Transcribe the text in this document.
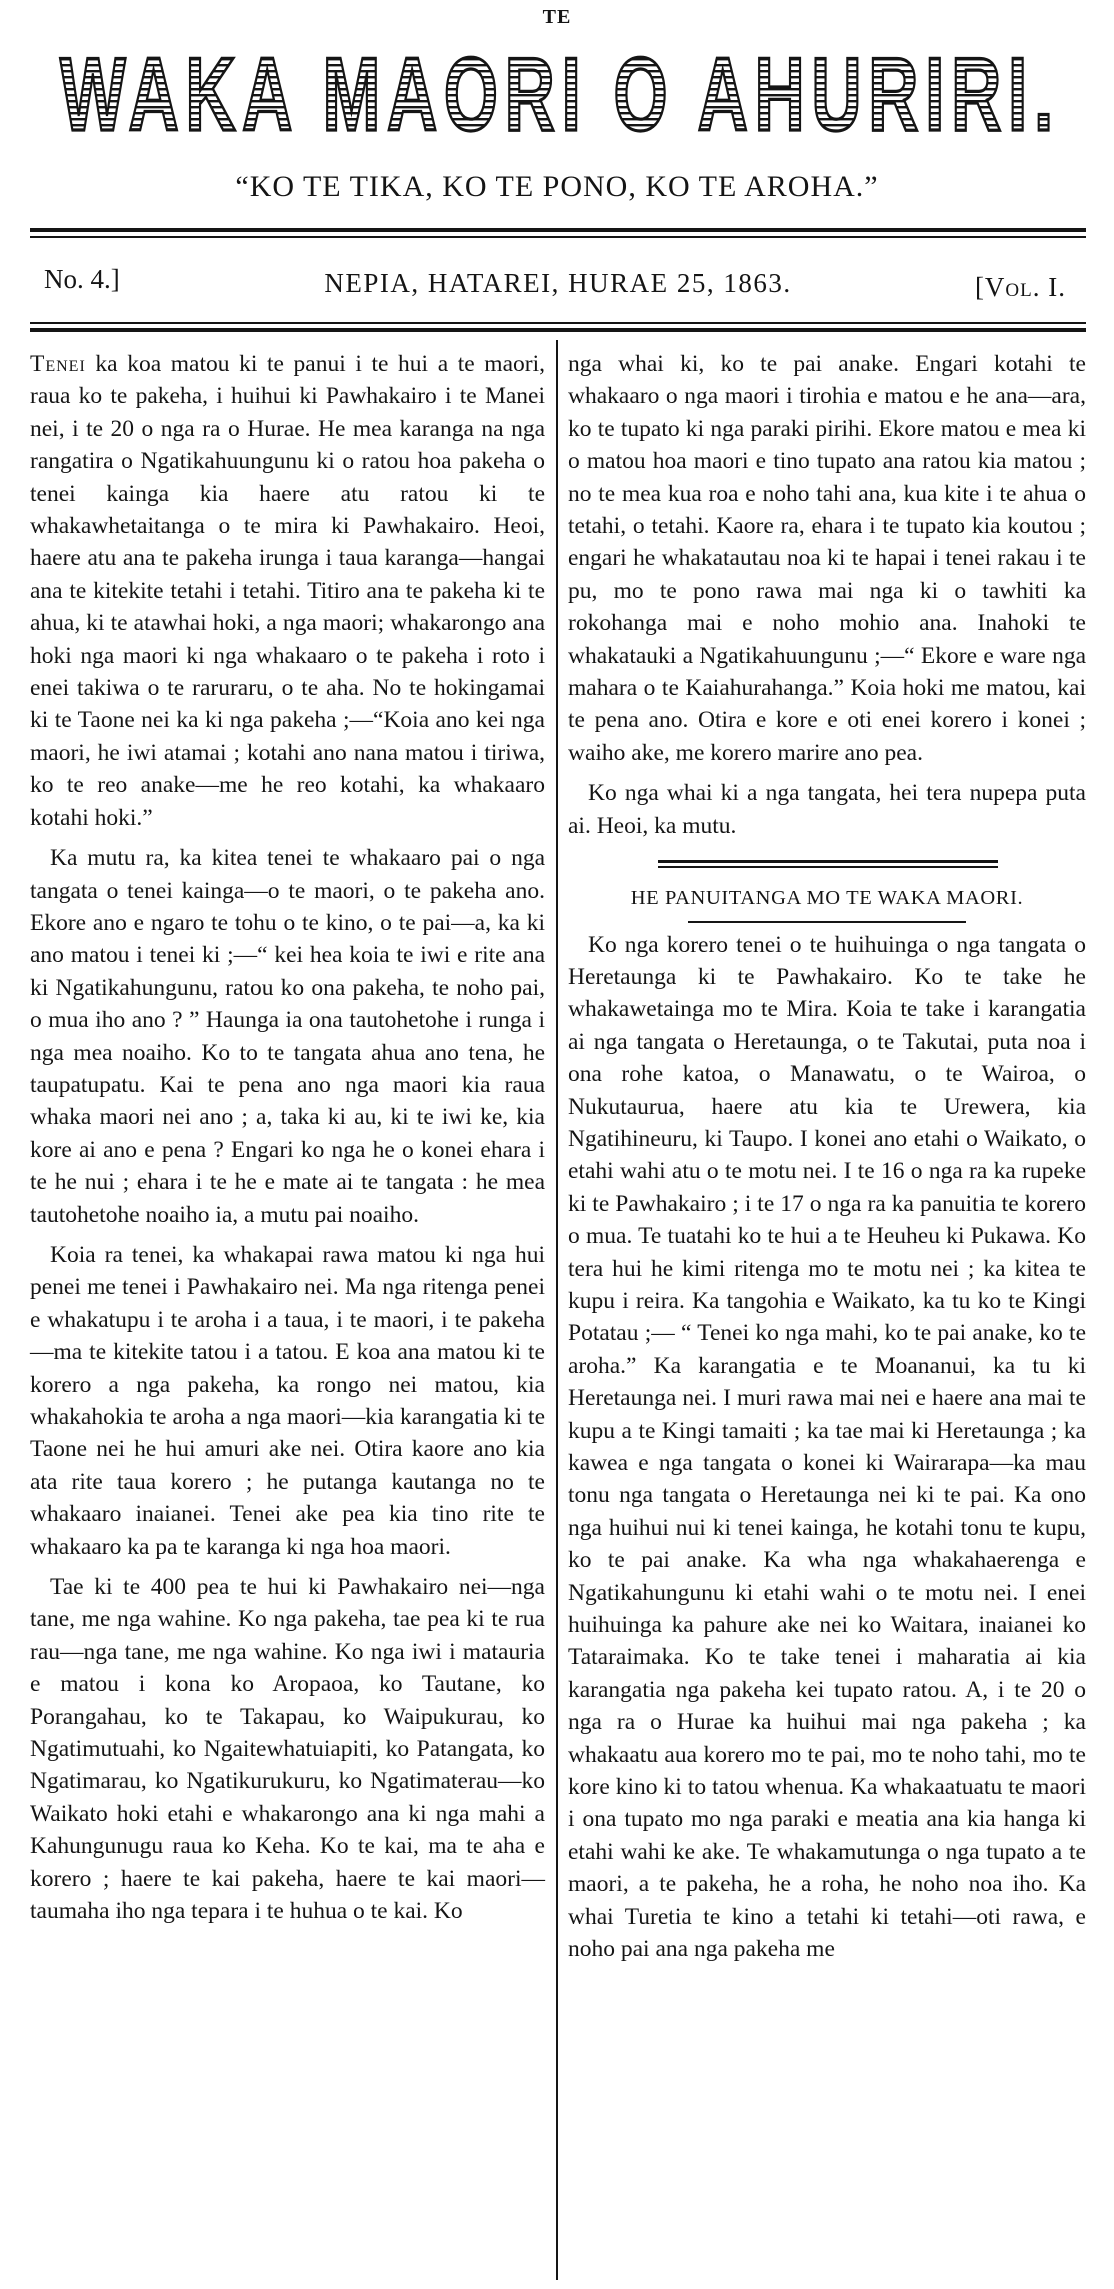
TE
WAKA MAORI O AHURIRI.
“KO TE TIKA, KO TE PONO, KO TE AROHA.”
No. 4.]	NEPIA, HATAREI, HURAE 25, 1863.	[Vol. I.

Tenei ka koa matou ki te panui i te hui a te maori, raua ko te pakeha, i huihui ki Pawhakairo i te Manei nei, i te 20 o nga ra o Hurae. He mea karanga na nga rangatira o Ngatikahuungunu ki o ratou hoa pakeha o tenei kainga kia haere atu ratou ki te whakawhetaitanga o te mira ki Pawhakairo. Heoi, haere atu ana te pakeha irunga i taua karanga—hangai ana te kitekite tetahi i tetahi. Titiro ana te pakeha ki te ahua, ki te atawhai hoki, a nga maori; whakarongo ana hoki nga maori ki nga whakaaro o te pakeha i roto i enei takiwa o te raruraru, o te aha. No te hokingamai ki te Taone nei ka ki nga pakeha ;—“Koia ano kei nga maori, he iwi atamai ; kotahi ano nana matou i tiriwa, ko te reo anake—me he reo kotahi, ka whakaaro kotahi hoki.”

Ka mutu ra, ka kitea tenei te whakaaro pai o nga tangata o tenei kainga—o te maori, o te pakeha ano. Ekore ano e ngaro te tohu o te kino, o te pai—a, ka ki ano matou i tenei ki ;—“ kei hea koia te iwi e rite ana ki Ngatikahungunu, ratou ko ona pakeha, te noho pai, o mua iho ano ? ” Haunga ia ona tautohetohe i runga i nga mea noaiho. Ko to te tangata ahua ano tena, he taupatupatu. Kai te pena ano nga maori kia raua whaka maori nei ano ; a, taka ki au, ki te iwi ke, kia kore ai ano e pena ? Engari ko nga he o konei ehara i te he nui ; ehara i te he e mate ai te tangata : he mea tautohetohe noaiho ia, a mutu pai noaiho.

Koia ra tenei, ka whakapai rawa matou ki nga hui penei me tenei i Pawhakairo nei. Ma nga ritenga penei e whakatupu i te aroha i a taua, i te maori, i te pakeha —ma te kitekite tatou i a tatou. E koa ana matou ki te korero a nga pakeha, ka rongo nei matou, kia whakahokia te aroha a nga maori—kia karangatia ki te Taone nei he hui amuri ake nei. Otira kaore ano kia ata rite taua korero ; he putanga kautanga no te whakaaro inaianei. Tenei ake pea kia tino rite te whakaaro ka pa te karanga ki nga hoa maori.

Tae ki te 400 pea te hui ki Pawhakairo nei—nga tane, me nga wahine. Ko nga pakeha, tae pea ki te rua rau—nga tane, me nga wahine. Ko nga iwi i matauria e matou i kona ko Aropaoa, ko Tautane, ko Porangahau, ko te Takapau, ko Waipukurau, ko Ngatimutuahi, ko Ngaitewhatuiapiti, ko Patangata, ko Ngatimarau, ko Ngatikurukuru, ko Ngatimaterau—ko Waikato hoki etahi e whakarongo ana ki nga mahi a Kahungunugu raua ko Keha. Ko te kai, ma te aha e korero ; haere te kai pakeha, haere te kai maori—taumaha iho nga tepara i te huhua o te kai. Ko

nga whai ki, ko te pai anake. Engari kotahi te whakaaro o nga maori i tirohia e matou e he ana—ara, ko te tupato ki nga paraki pirihi. Ekore matou e mea ki o matou hoa maori e tino tupato ana ratou kia matou ; no te mea kua roa e noho tahi ana, kua kite i te ahua o tetahi, o tetahi. Kaore ra, ehara i te tupato kia koutou ; engari he whakatautau noa ki te hapai i tenei rakau i te pu, mo te pono rawa mai nga ki o tawhiti ka rokohanga mai e noho mohio ana. Inahoki te whakatauki a Ngatikahuungunu ;—“ Ekore e ware nga mahara o te Kaiahurahanga.” Koia hoki me matou, kai te pena ano. Otira e kore e oti enei korero i konei ; waiho ake, me korero marire ano pea.

Ko nga whai ki a nga tangata, hei tera nupepa puta ai. Heoi, ka mutu.

HE PANUITANGA MO TE WAKA MAORI.

Ko nga korero tenei o te huihuinga o nga tangata o Heretaunga ki te Pawhakairo. Ko te take he whakawetainga mo te Mira. Koia te take i karangatia ai nga tangata o Heretaunga, o te Takutai, puta noa i ona rohe katoa, o Manawatu, o te Wairoa, o Nukutaurua, haere atu kia te Urewera, kia Ngatihineuru, ki Taupo. I konei ano etahi o Waikato, o etahi wahi atu o te motu nei. I te 16 o nga ra ka rupeke ki te Pawhakairo ; i te 17 o nga ra ka panuitia te korero o mua. Te tuatahi ko te hui a te Heuheu ki Pukawa. Ko tera hui he kimi ritenga mo te motu nei ; ka kitea te kupu i reira. Ka tangohia e Waikato, ka tu ko te Kingi Potatau ;— “ Tenei ko nga mahi, ko te pai anake, ko te aroha.” Ka karangatia e te Moananui, ka tu ki Heretaunga nei. I muri rawa mai nei e haere ana mai te kupu a te Kingi tamaiti ; ka tae mai ki Heretaunga ; ka kawea e nga tangata o konei ki Wairarapa—ka mau tonu nga tangata o Heretaunga nei ki te pai. Ka ono nga huihui nui ki tenei kainga, he kotahi tonu te kupu, ko te pai anake. Ka wha nga whakahaerenga e Ngatikahungunu ki etahi wahi o te motu nei. I enei huihuinga ka pahure ake nei ko Waitara, inaianei ko Tataraimaka. Ko te take tenei i maharatia ai kia karangatia nga pakeha kei tupato ratou. A, i te 20 o nga ra o Hurae ka huihui mai nga pakeha ; ka whakaatu aua korero mo te pai, mo te noho tahi, mo te kore kino ki to tatou whenua. Ka whakaatuatu te maori i ona tupato mo nga paraki e meatia ana kia hanga ki etahi wahi ke ake. Te whakamutunga o nga tupato a te maori, a te pakeha, he a roha, he noho noa iho. Ka whai Turetia te kino a tetahi ki tetahi—oti rawa, e noho pai ana nga pakeha me
